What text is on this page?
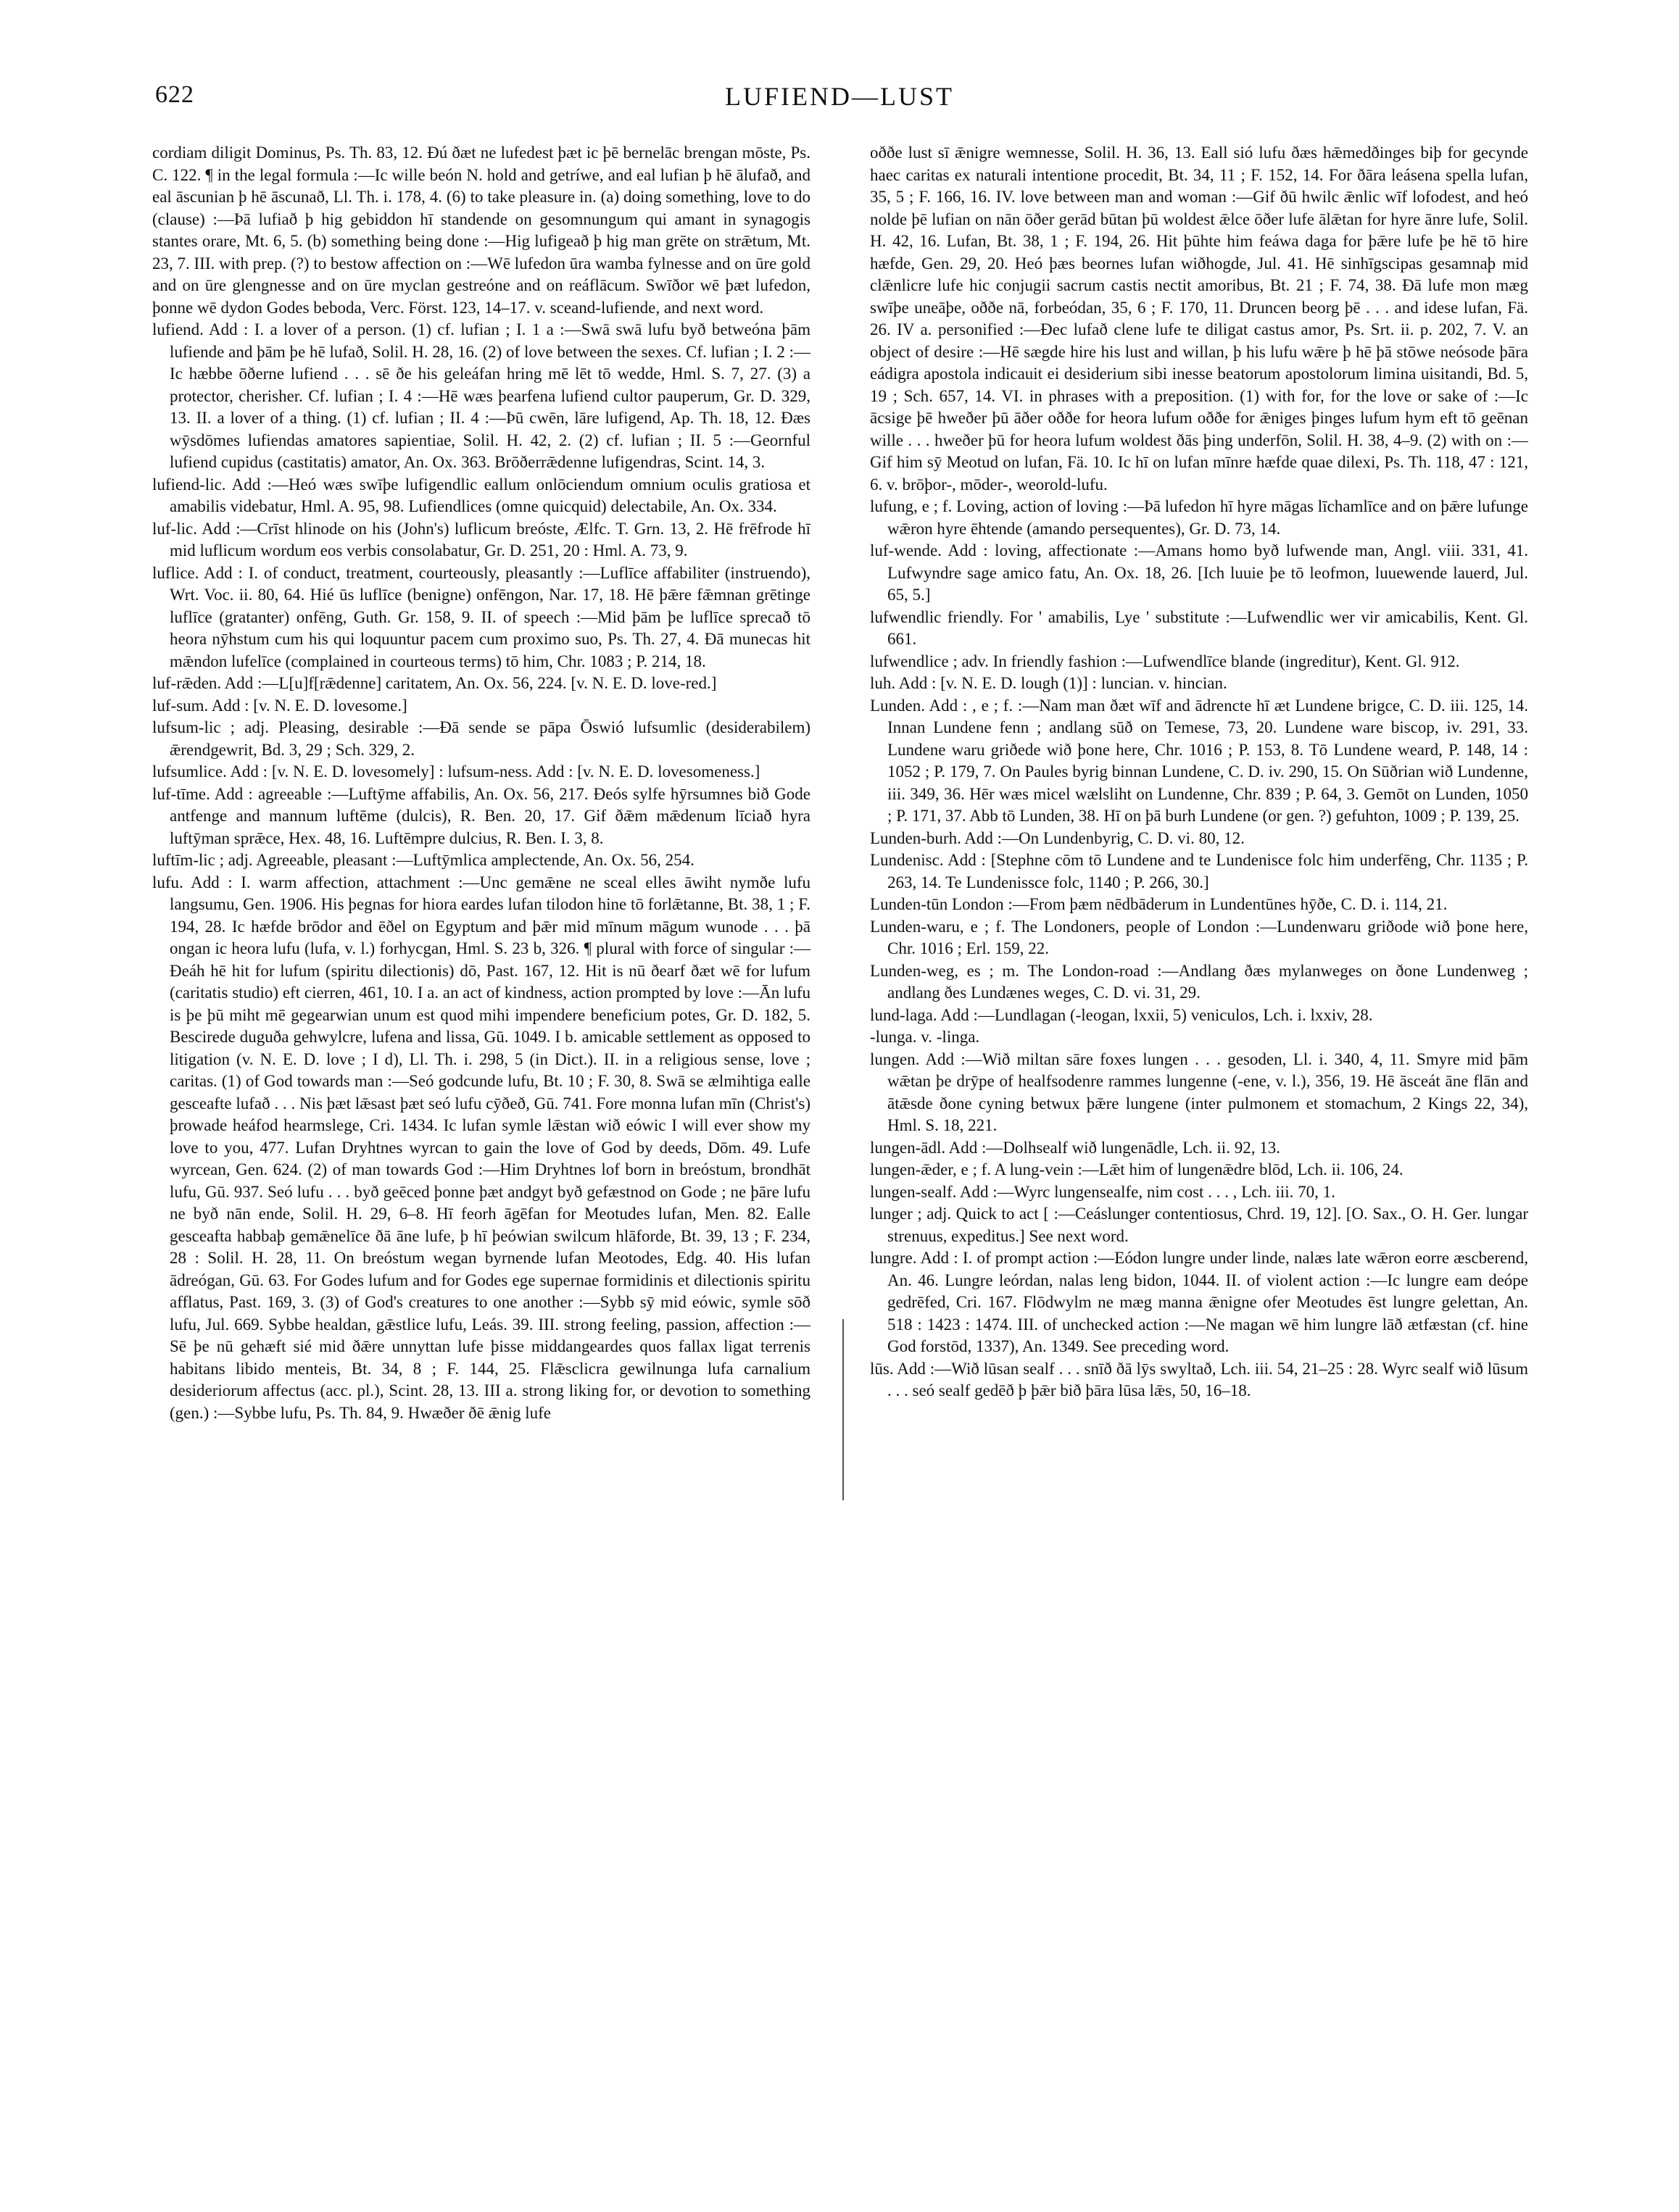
622	LUFIEND—LUST

cordiam diligit Dominus, Ps. Th. 83, 12. Ðú ðæt ne lufedest þæt ic þē bernelāc brengan mōste, Ps. C. 122. ¶ in the legal formula :—Ic wille beón N. hold and getríwe, and eal lufian þ hē ālufað, and eal āscunian þ hē āscunað, Ll. Th. i. 178, 4. (6) to take pleasure in. (a) doing something, love to do (clause) :—Þā lufiað þ hig gebiddon hī standende on gesomnungum qui amant in synagogis stantes orare, Mt. 6, 5. (b) something being done :—Hig lufigeað þ hig man grēte on strǣtum, Mt. 23, 7. III. with prep. (?) to bestow affection on :—Wē lufedon ūra wamba fylnesse and on ūre gold and on ūre glengnesse and on ūre myclan gestreóne and on reáflācum. Swīðor wē þæt lufedon, þonne wē dydon Godes beboda, Verc. Först. 123, 14–17. v. sceand-lufiende, and next word.

lufiend. Add : I. a lover of a person. (1) cf. lufian ; I. 1 a :—Swā swā lufu byð betweóna þām lufiende and þām þe hē lufað, Solil. H. 28, 16. (2) of love between the sexes. Cf. lufian ; I. 2 :—Ic hæbbe ōðerne lufiend . . . sē ðe his geleáfan hring mē lēt tō wedde, Hml. S. 7, 27. (3) a protector, cherisher. Cf. lufian ; I. 4 :—Hē wæs þearfena lufiend cultor pauperum, Gr. D. 329, 13. II. a lover of a thing. (1) cf. lufian ; II. 4 :—Þū cwēn, lāre lufigend, Ap. Th. 18, 12. Ðæs wȳsdōmes lufiendas amatores sapientiae, Solil. H. 42, 2. (2) cf. lufian ; II. 5 :—Geornful lufiend cupidus (castitatis) amator, An. Ox. 363. Brōðerrǣdenne lufigendras, Scint. 14, 3.

lufiend-lic. Add :—Heó wæs swīþe lufigendlic eallum onlōciendum omnium oculis gratiosa et amabilis videbatur, Hml. A. 95, 98. Lufiendlices (omne quicquid) delectabile, An. Ox. 334.

luf-lic. Add :—Crīst hlinode on his (John's) luflicum breóste, Ælfc. T. Grn. 13, 2. Hē frēfrode hī mid luflicum wordum eos verbis consolabatur, Gr. D. 251, 20 : Hml. A. 73, 9.

luflice. Add : I. of conduct, treatment, courteously, pleasantly :—Luflīce affabiliter (instruendo), Wrt. Voc. ii. 80, 64. Hié ūs luflīce (benigne) onfēngon, Nar. 17, 18. Hē þǣre fǣmnan grētinge luflīce (gratanter) onfēng, Guth. Gr. 158, 9. II. of speech :—Mid þām þe luflīce sprecað tō heora nȳhstum cum his qui loquuntur pacem cum proximo suo, Ps. Th. 27, 4. Ðā munecas hit mǣndon lufelīce (complained in courteous terms) tō him, Chr. 1083 ; P. 214, 18.

luf-rǣden. Add :—L[u]f[rǣdenne] caritatem, An. Ox. 56, 224. [v. N. E. D. love-red.]

luf-sum. Add : [v. N. E. D. lovesome.]

lufsum-lic ; adj. Pleasing, desirable :—Ðā sende se pāpa Ōswió lufsumlic (desiderabilem) ǣrendgewrit, Bd. 3, 29 ; Sch. 329, 2.

lufsumlice. Add : [v. N. E. D. lovesomely] : lufsum-ness. Add : [v. N. E. D. lovesomeness.]

luf-tīme. Add : agreeable :—Luftȳme affabilis, An. Ox. 56, 217. Ðeós sylfe hȳrsumnes bið Gode antfenge and mannum luftēme (dulcis), R. Ben. 20, 17. Gif ðǣm mǣdenum līciað hyra luftȳman sprǣce, Hex. 48, 16. Luftēmpre dulcius, R. Ben. I. 3, 8.

luftīm-lic ; adj. Agreeable, pleasant :—Luftȳmlica amplectende, An. Ox. 56, 254.

lufu. Add : I. warm affection, attachment :—Unc gemǣne ne sceal elles āwiht nymðe lufu langsumu, Gen. 1906. His þegnas for hiora eardes lufan tilodon hine tō forlǣtanne, Bt. 38, 1 ; F. 194, 28. Ic hæfde brōdor and ēðel on Egyptum and þǣr mid mīnum māgum wunode . . . þā ongan ic heora lufu (lufa, v. l.) forhycgan, Hml. S. 23 b, 326. ¶ plural with force of singular :—Ðeáh hē hit for lufum (spiritu dilectionis) dō, Past. 167, 12. Hit is nū ðearf ðæt wē for lufum (caritatis studio) eft cierren, 461, 10. I a. an act of kindness, action prompted by love :—Ān lufu is þe þū miht mē gegearwian unum est quod mihi impendere beneficium potes, Gr. D. 182, 5. Bescirede duguða gehwylcre, lufena and lissa, Gū. 1049. I b. amicable settlement as opposed to litigation (v. N. E. D. love ; I d), Ll. Th. i. 298, 5 (in Dict.). II. in a religious sense, love ; caritas. (1) of God towards man :—Seó godcunde lufu, Bt. 10 ; F. 30, 8. Swā se ælmihtiga ealle gesceafte lufað . . . Nis þæt lǣsast þæt seó lufu cȳðeð, Gū. 741. Fore monna lufan mīn (Christ's) þrowade heáfod hearmslege, Cri. 1434. Ic lufan symle lǣstan wið eówic I will ever show my love to you, 477. Lufan Dryhtnes wyrcan to gain the love of God by deeds, Dōm. 49. Lufe wyrcean, Gen. 624. (2) of man towards God :—Him Dryhtnes lof born in breóstum, brondhāt lufu, Gū. 937. Seó lufu . . . byð geēced þonne þæt andgyt byð gefæstnod on Gode ; ne þāre lufu ne byð nān ende, Solil. H. 29, 6–8. Hī feorh āgēfan for Meotudes lufan, Men. 82. Ealle gesceafta habbaþ gemǣnelīce ðā āne lufe, þ hī þeówian swilcum hlāforde, Bt. 39, 13 ; F. 234, 28 : Solil. H. 28, 11. On breóstum wegan byrnende lufan Meotodes, Edg. 40. His lufan ādreógan, Gū. 63. For Godes lufum and for Godes ege supernae formidinis et dilectionis spiritu afflatus, Past. 169, 3. (3) of God's creatures to one another :—Sybb sȳ mid eówic, symle sōð lufu, Jul. 669. Sybbe healdan, gǣstlice lufu, Leás. 39. III. strong feeling, passion, affection :—Sē þe nū gehæft sié mid ðǣre unnyttan lufe þisse middangeardes quos fallax ligat terrenis habitans libido menteis, Bt. 34, 8 ; F. 144, 25. Flǣsclicra gewilnunga lufa carnalium desideriorum affectus (acc. pl.), Scint. 28, 13. III a. strong liking for, or devotion to something (gen.) :—Sybbe lufu, Ps. Th. 84, 9. Hwæðer ðē ǣnig lufe

oððe lust sī ǣnigre wemnesse, Solil. H. 36, 13. Eall sió lufu ðæs hǣmedðinges biþ for gecynde haec caritas ex naturali intentione procedit, Bt. 34, 11 ; F. 152, 14. For ðāra leásena spella lufan, 35, 5 ; F. 166, 16. IV. love between man and woman :—Gif ðū hwilc ǣnlic wīf lofodest, and heó nolde þē lufian on nān ōðer gerād būtan þū woldest ǣlce ōðer lufe ālǣtan for hyre ānre lufe, Solil. H. 42, 16. Lufan, Bt. 38, 1 ; F. 194, 26. Hit þūhte him feáwa daga for þǣre lufe þe hē tō hire hæfde, Gen. 29, 20. Heó þæs beornes lufan wiðhogde, Jul. 41. Hē sinhīgscipas gesamnaþ mid clǣnlicre lufe hic conjugii sacrum castis nectit amoribus, Bt. 21 ; F. 74, 38. Ðā lufe mon mæg swīþe uneāþe, oððe nā, forbeódan, 35, 6 ; F. 170, 11. Druncen beorg þē . . . and idese lufan, Fä. 26. IV a. personified :—Ðec lufað clene lufe te diligat castus amor, Ps. Srt. ii. p. 202, 7. V. an object of desire :—Hē sægde hire his lust and willan, þ his lufu wǣre þ hē þā stōwe neósode þāra eádigra apostola indicauit ei desiderium sibi inesse beatorum apostolorum limina uisitandi, Bd. 5, 19 ; Sch. 657, 14. VI. in phrases with a preposition. (1) with for, for the love or sake of :—Ic ācsige þē hweðer þū āðer oððe for heora lufum oððe for ǣniges þinges lufum hym eft tō geēnan wille . . . hweðer þū for heora lufum woldest ðās þing underfōn, Solil. H. 38, 4–9. (2) with on :—Gif him sȳ Meotud on lufan, Fä. 10. Ic hī on lufan mīnre hæfde quae dilexi, Ps. Th. 118, 47 : 121, 6. v. brōþor-, mōder-, weorold-lufu.

lufung, e ; f. Loving, action of loving :—Þā lufedon hī hyre māgas līchamlīce and on þǣre lufunge wǣron hyre ēhtende (amando persequentes), Gr. D. 73, 14.

luf-wende. Add : loving, affectionate :—Amans homo byð lufwende man, Angl. viii. 331, 41. Lufwyndre sage amico fatu, An. Ox. 18, 26. [Ich luuie þe tō leofmon, luuewende lauerd, Jul. 65, 5.]

lufwendlic friendly. For ' amabilis, Lye ' substitute :—Lufwendlic wer vir amicabilis, Kent. Gl. 661.

lufwendlice ; adv. In friendly fashion :—Lufwendlīce blande (ingreditur), Kent. Gl. 912.

luh. Add : [v. N. E. D. lough (1)] : luncian. v. hincian.

Lunden. Add : , e ; f. :—Nam man ðæt wīf and ādrencte hī æt Lundene brigce, C. D. iii. 125, 14. Innan Lundene fenn ; andlang sūð on Temese, 73, 20. Lundene ware biscop, iv. 291, 33. Lundene waru griðede wið þone here, Chr. 1016 ; P. 153, 8. Tō Lundene weard, P. 148, 14 : 1052 ; P. 179, 7. On Paules byrig binnan Lundene, C. D. iv. 290, 15. On Sūðrian wið Lundenne, iii. 349, 36. Hēr wæs micel wælsliht on Lundenne, Chr. 839 ; P. 64, 3. Gemōt on Lunden, 1050 ; P. 171, 37. Abb tō Lunden, 38. Hī on þā burh Lundene (or gen. ?) gefuhton, 1009 ; P. 139, 25.

Lunden-burh. Add :—On Lundenbyrig, C. D. vi. 80, 12.

Lundenisc. Add : [Stephne cōm tō Lundene and te Lundenisce folc him underfēng, Chr. 1135 ; P. 263, 14. Te Lundenissce folc, 1140 ; P. 266, 30.]

Lunden-tūn London :—From þæm nēdbāderum in Lundentūnes hȳðe, C. D. i. 114, 21.

Lunden-waru, e ; f. The Londoners, people of London :—Lundenwaru griðode wið þone here, Chr. 1016 ; Erl. 159, 22.

Lunden-weg, es ; m. The London-road :—Andlang ðæs mylanweges on ðone Lundenweg ; andlang ðes Lundænes weges, C. D. vi. 31, 29.

lund-laga. Add :—Lundlagan (-leogan, lxxii, 5) veniculos, Lch. i. lxxiv, 28.

-lunga. v. -linga.

lungen. Add :—Wið miltan sāre foxes lungen . . . gesoden, Ll. i. 340, 4, 11. Smyre mid þām wǣtan þe drȳpe of healfsodenre rammes lungenne (-ene, v. l.), 356, 19. Hē āsceát āne flān and ātǣsde ðone cyning betwux þǣre lungene (inter pulmonem et stomachum, 2 Kings 22, 34), Hml. S. 18, 221.

lungen-ādl. Add :—Dolhsealf wið lungenādle, Lch. ii. 92, 13.

lungen-ǣder, e ; f. A lung-vein :—Lǣt him of lungenǣdre blōd, Lch. ii. 106, 24.

lungen-sealf. Add :—Wyrc lungensealfe, nim cost . . . , Lch. iii. 70, 1.

lunger ; adj. Quick to act [ :—Ceáslunger contentiosus, Chrd. 19, 12]. [O. Sax., O. H. Ger. lungar strenuus, expeditus.] See next word.

lungre. Add : I. of prompt action :—Eódon lungre under linde, nalæs late wǣron eorre æscberend, An. 46. Lungre leórdan, nalas leng bidon, 1044. II. of violent action :—Ic lungre eam deópe gedrēfed, Cri. 167. Flōdwylm ne mæg manna ǣnigne ofer Meotudes ēst lungre gelettan, An. 518 : 1423 : 1474. III. of unchecked action :—Ne magan wē him lungre lāð ætfæstan (cf. hine God forstōd, 1337), An. 1349. See preceding word.

lūs. Add :—Wið lūsan sealf . . . snīð ðā lȳs swyltað, Lch. iii. 54, 21–25 : 28. Wyrc sealf wið lūsum . . . seó sealf gedēð þ þǣr bið þāra lūsa lǣs, 50, 16–18.
